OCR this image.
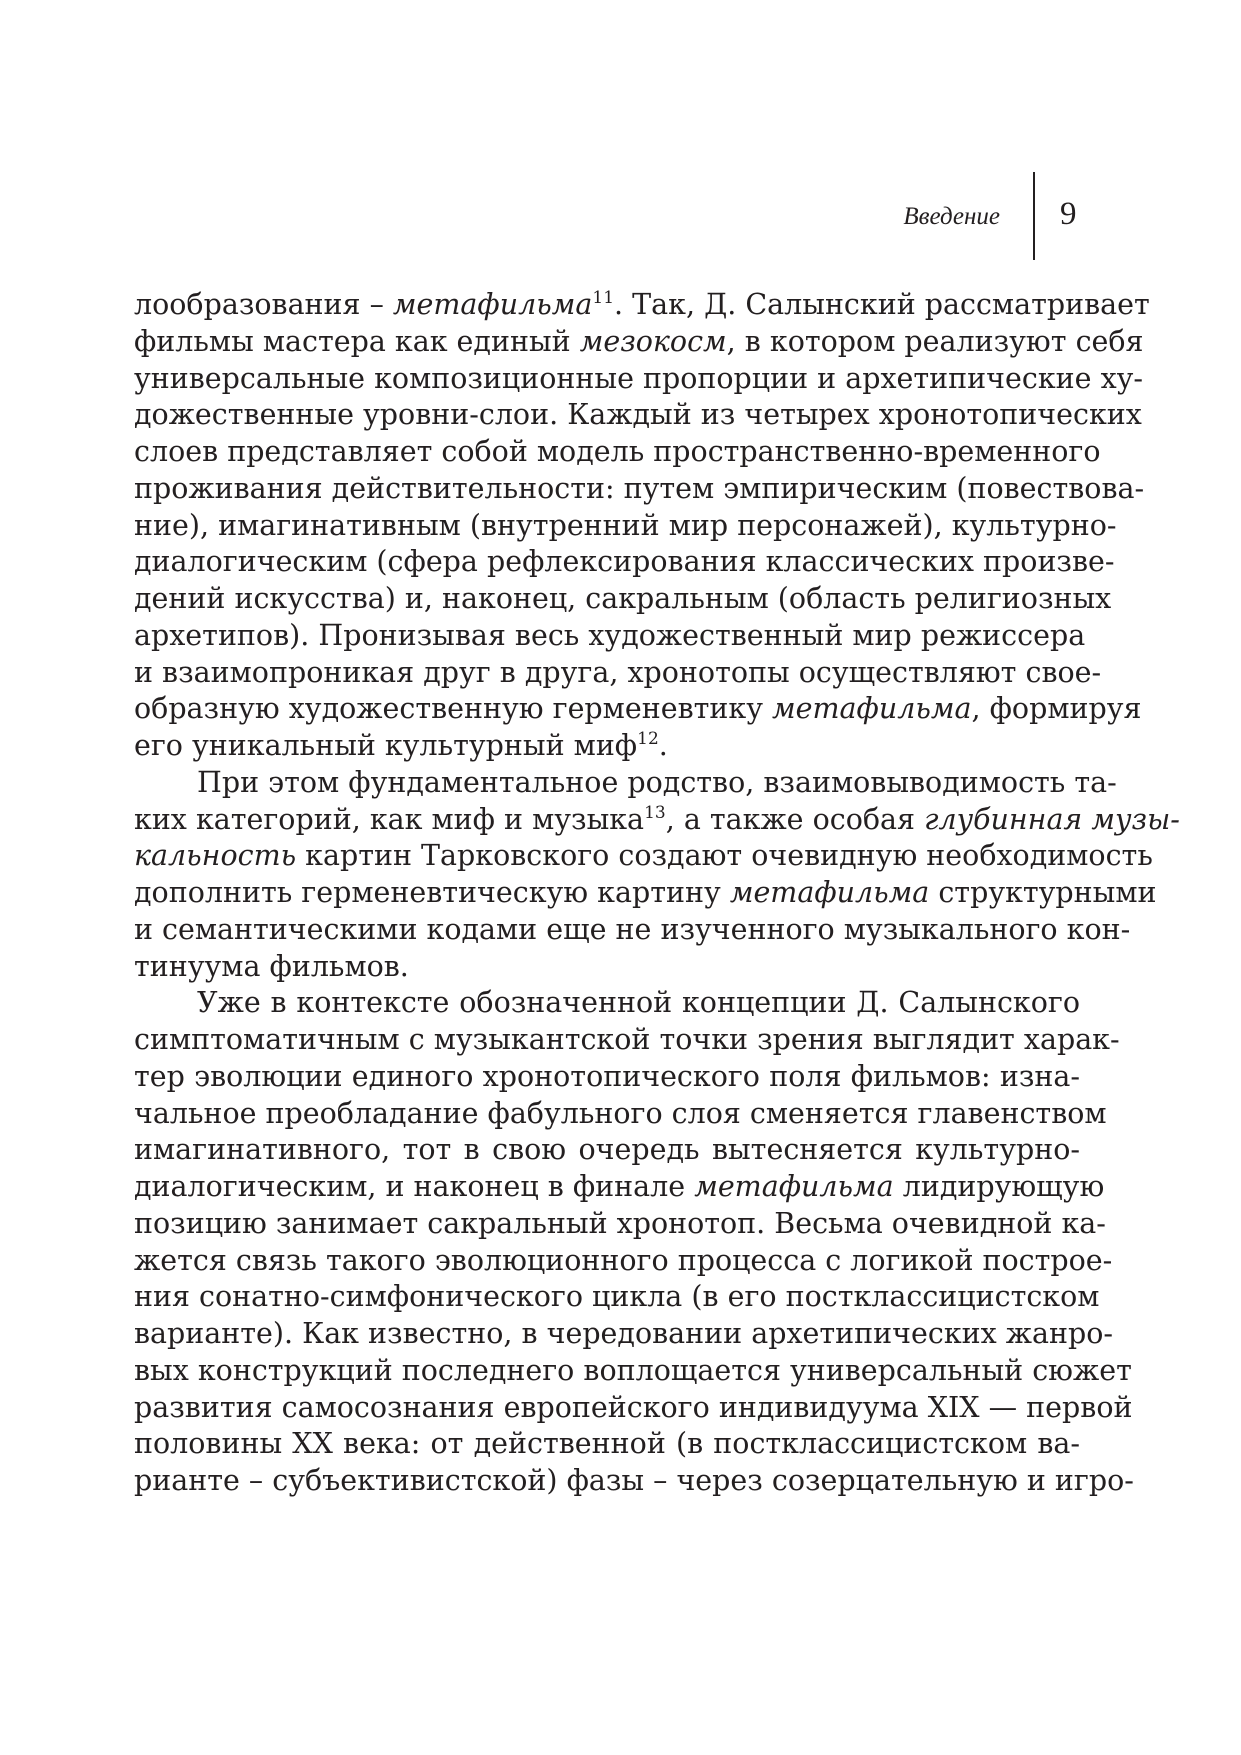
Введение 9
лообразования – метафильма$^{11}$. Так, Д. Салынский рассматривает
фильмы мастера как единый мезокосм, в котором реализуют себя
универсальные композиционные пропорции и архетипические ху-
дожественные уровни-слои. Каждый из четырех хронотопических
слоев представляет собой модель пространственно-временного
проживания действительности: путем эмпирическим (повествова-
ние), имагинативным (внутренний мир персонажей), культурно-
диалогическим (сфера рефлексирования классических произве-
дений искусства) и, наконец, сакральным (область религиозных
архетипов). Пронизывая весь художественный мир режиссера
и взаимопроникая друг в друга, хронотопы осуществляют свое-
образную художественную герменевтику метафильма, формируя
его уникальный культурный миф$^{12}$.
При этом фундаментальное родство, взаимовыводимость та-
ких категорий, как миф и музыка$^{13}$, а также особая глубинная музы-
кальность картин Тарковского создают очевидную необходимость
дополнить герменевтическую картину метафильма структурными
и семантическими кодами еще не изученного музыкального кон-
тинуума фильмов.
Уже в контексте обозначенной концепции Д. Салынского
симптоматичным с музыкантской точки зрения выглядит харак-
тер эволюции единого хронотопического поля фильмов: изна-
чальное преобладание фабульного слоя сменяется главенством
имагинативного, тот в свою очередь вытесняется культурно-
диалогическим, и наконец в финале метафильма лидирующую
позицию занимает сакральный хронотоп. Весьма очевидной ка-
жется связь такого эволюционного процесса с логикой построе-
ния сонатно-симфонического цикла (в его постклассицистском
варианте). Как известно, в чередовании архетипических жанро-
вых конструкций последнего воплощается универсальный сюжет
развития самосознания европейского индивидуума XIX — первой
половины XX века: от действенной (в постклассицистском ва-
рианте – субъективистской) фазы – через созерцательную и игро-
